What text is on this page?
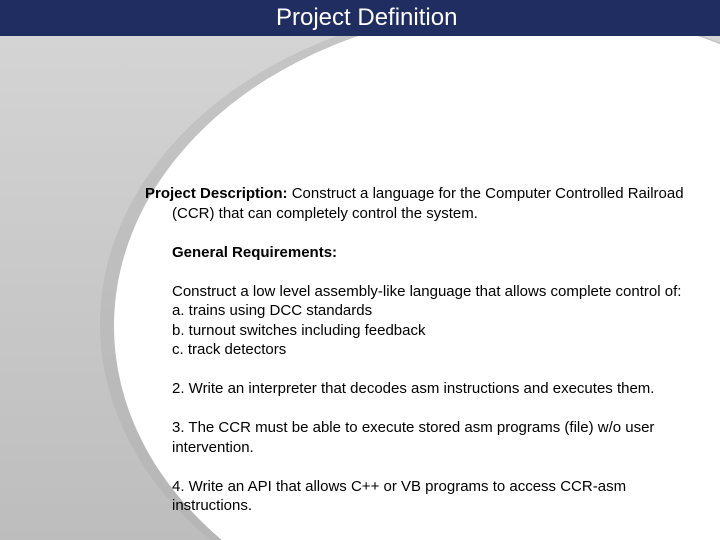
Project Definition

Project Description: Construct a language for the Computer Controlled Railroad (CCR) that can completely control the system.

General Requirements:

Construct a low level assembly-like language that allows complete control of:

a. trains using DCC standards

b. turnout switches including feedback

c. track detectors

2. Write an interpreter that decodes asm instructions and executes them.

3. The CCR must be able to execute stored asm programs (file) w/o user intervention.

4. Write an API that allows C++ or VB programs to access CCR-asm instructions.
